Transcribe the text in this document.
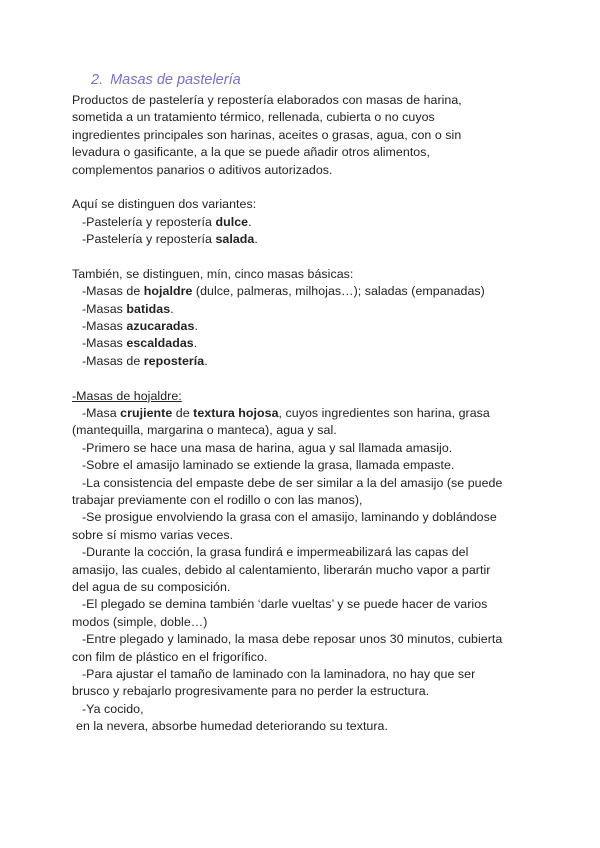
2. Masas de pastelería
Productos de pastelería y repostería elaborados con masas de harina,
sometida a un tratamiento térmico, rellenada, cubierta o no cuyos
ingredientes principales son harinas, aceites o grasas, agua, con o sin
levadura o gasificante, a la que se puede añadir otros alimentos,
complementos panarios o aditivos autorizados.
Aquí se distinguen dos variantes:
-Pastelería y repostería dulce.
-Pastelería y repostería salada.
También, se distinguen, mín, cinco masas básicas:
-Masas de hojaldre (dulce, palmeras, milhojas…); saladas (empanadas)
-Masas batidas.
-Masas azucaradas.
-Masas escaldadas.
-Masas de repostería.
-Masas de hojaldre:
-Masa crujiente de textura hojosa, cuyos ingredientes son harina, grasa
(mantequilla, margarina o manteca), agua y sal.
-Primero se hace una masa de harina, agua y sal llamada amasijo.
-Sobre el amasijo laminado se extiende la grasa, llamada empaste.
-La consistencia del empaste debe de ser similar a la del amasijo (se puede
trabajar previamente con el rodillo o con las manos),
-Se prosigue envolviendo la grasa con el amasijo, laminando y doblándose
sobre sí mismo varias veces.
-Durante la cocción, la grasa fundirá e impermeabilizará las capas del
amasijo, las cuales, debido al calentamiento, liberarán mucho vapor a partir
del agua de su composición.
-El plegado se demina también ‘darle vueltas’ y se puede hacer de varios
modos (simple, doble…)
-Entre plegado y laminado, la masa debe reposar unos 30 minutos, cubierta
con film de plástico en el frigorífico.
-Para ajustar el tamaño de laminado con la laminadora, no hay que ser
brusco y rebajarlo progresivamente para no perder la estructura.
-Ya cocido,
en la nevera, absorbe humedad deteriorando su textura.
